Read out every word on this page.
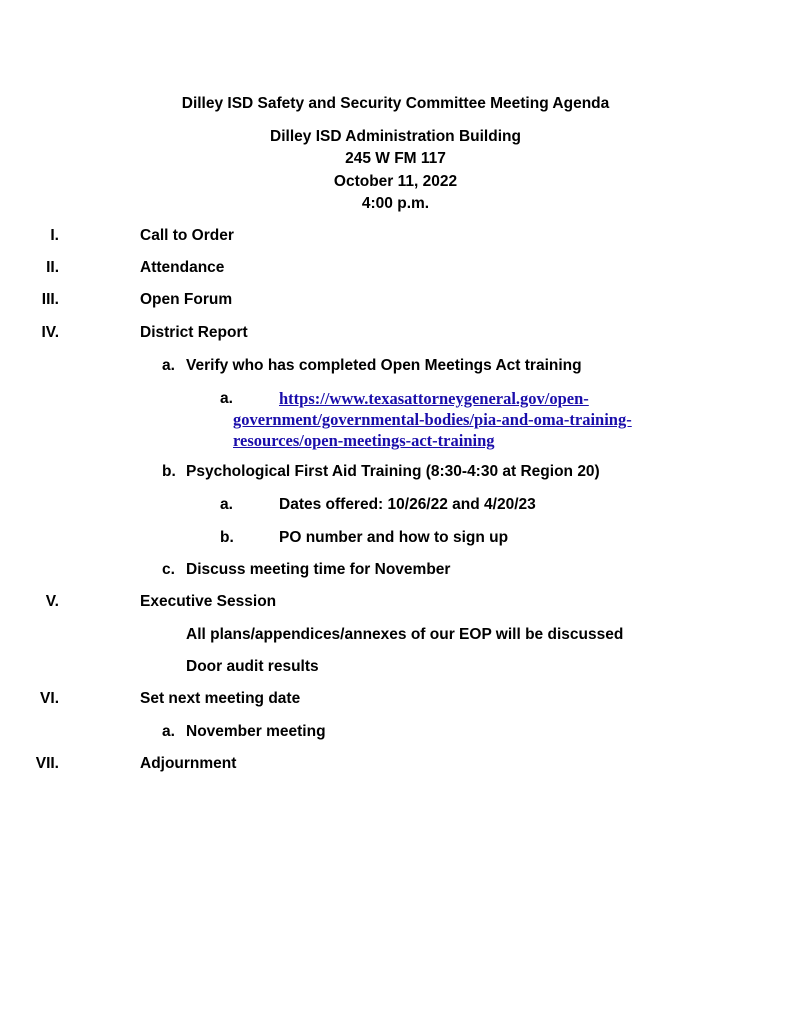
Dilley ISD Safety and Security Committee Meeting Agenda
Dilley ISD Administration Building
245 W FM 117
October 11, 2022
4:00 p.m.
I.	Call to Order
II.	Attendance
III.	Open Forum
IV.	District Report
a. Verify who has completed Open Meetings Act training
a.	https://www.texasattorneygeneral.gov/open-
government/governmental-bodies/pia-and-oma-training-
resources/open-meetings-act-training
b. Psychological First Aid Training (8:30-4:30 at Region 20)
a.	Dates offered: 10/26/22 and 4/20/23
b.	PO number and how to sign up
c. Discuss meeting time for November
V.	Executive Session
All plans/appendices/annexes of our EOP will be discussed
Door audit results
VI.	Set next meeting date
a. November meeting
VII.	Adjournment
